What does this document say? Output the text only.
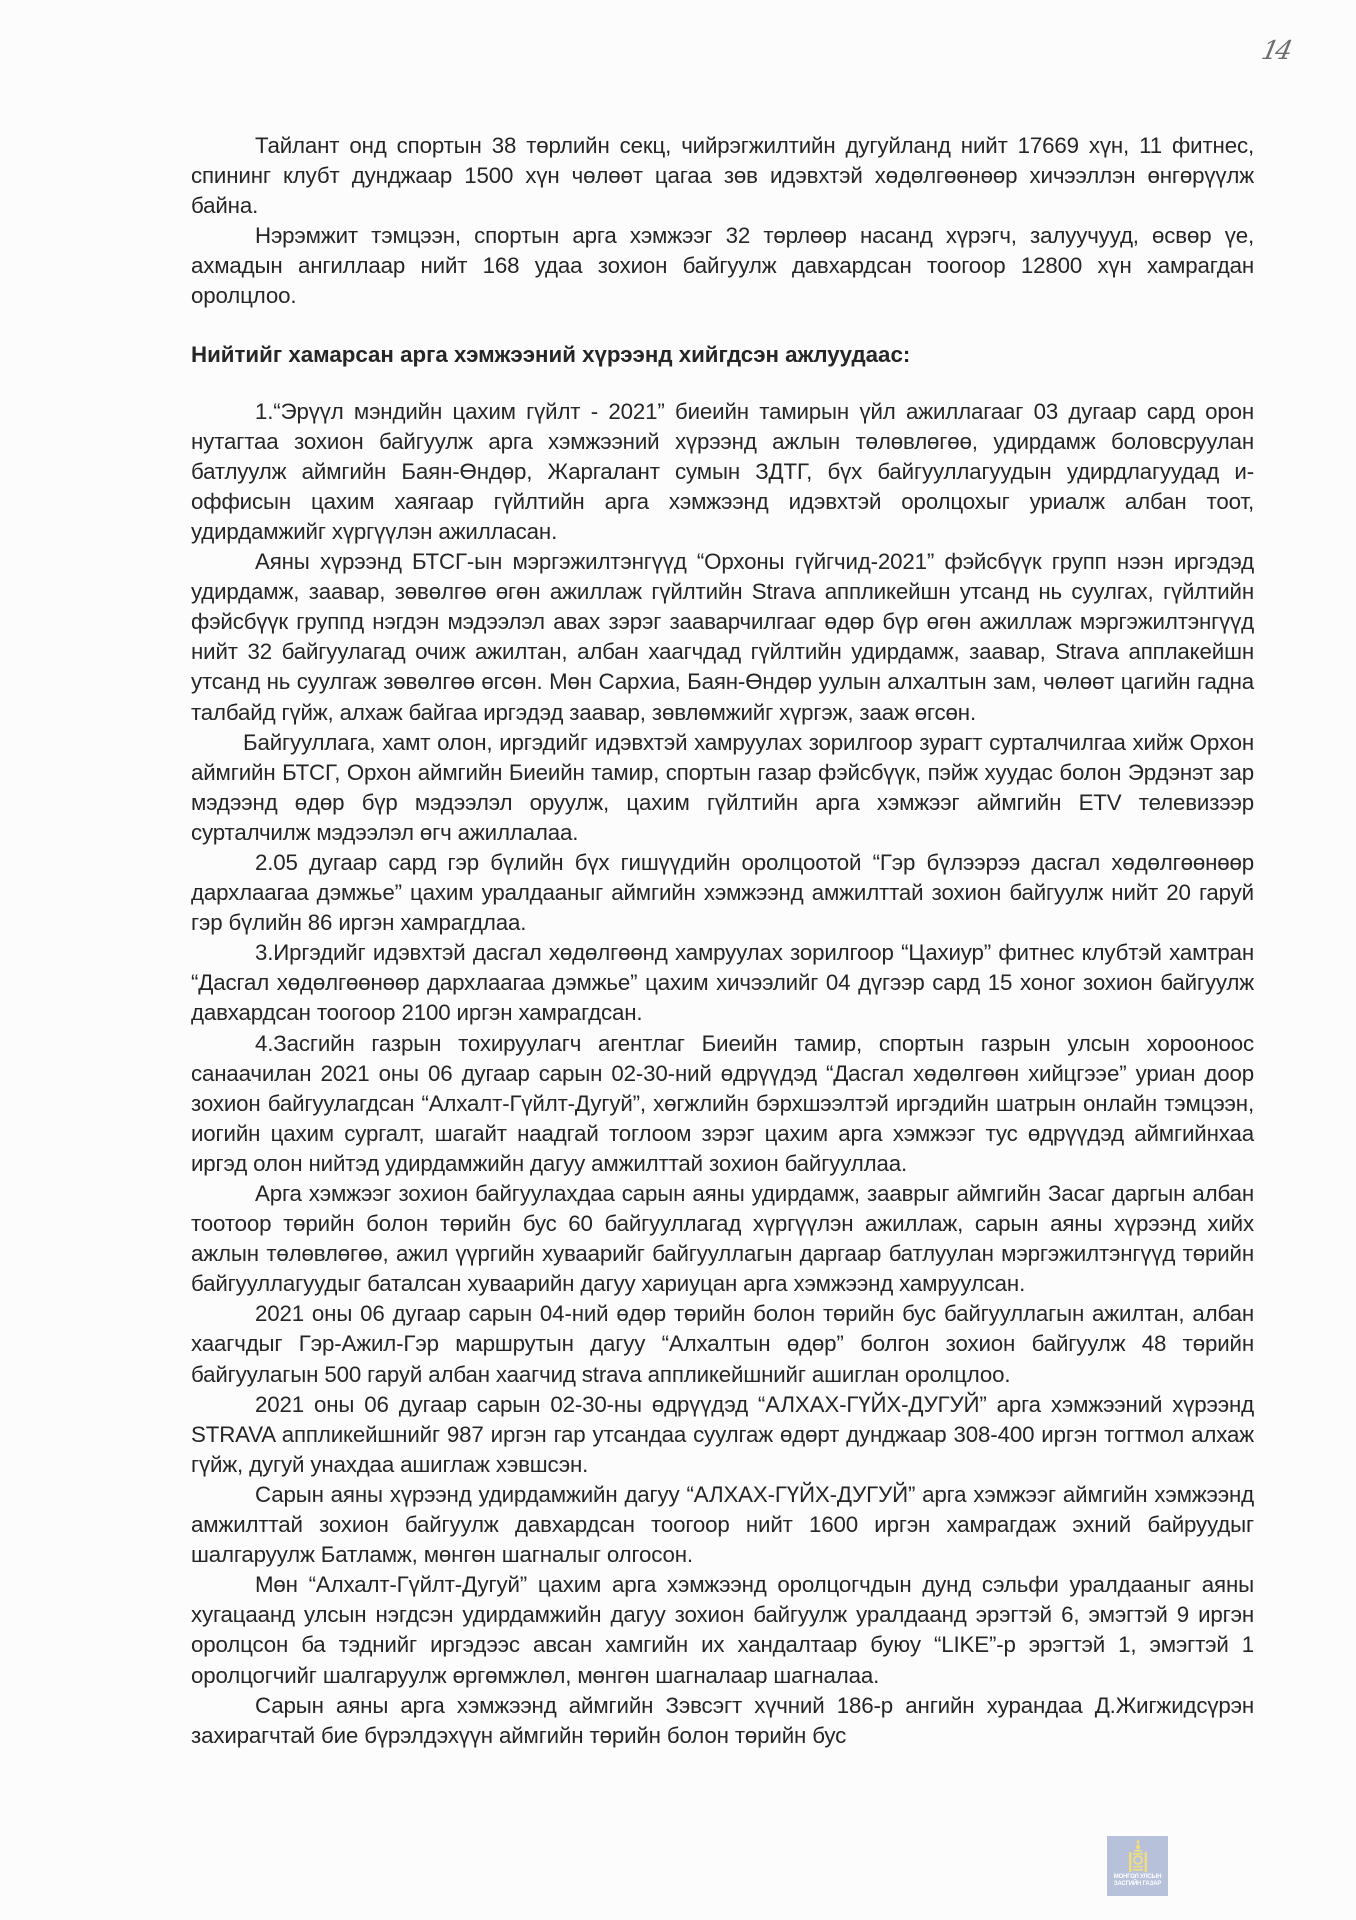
14

Тайлант онд спортын 38 төрлийн секц, чийрэгжилтийн дугуйланд нийт 17669 хүн, 11 фитнес, спининг клубт дунджаар 1500 хүн чөлөөт цагаа зөв идэвхтэй хөдөлгөөнөөр хичээллэн өнгөрүүлж байна.

Нэрэмжит тэмцээн, спортын арга хэмжээг 32 төрлөөр насанд хүрэгч, залуучууд, өсвөр үе, ахмадын ангиллаар нийт 168 удаа зохион байгуулж давхардсан тоогоор 12800 хүн хамрагдан оролцлоо.

Нийтийг хамарсан арга хэмжээний хүрээнд хийгдсэн ажлуудаас:

1.“Эрүүл мэндийн цахим гүйлт - 2021” биеийн тамирын үйл ажиллагааг 03 дугаар сард орон нутагтаа зохион байгуулж арга хэмжээний хүрээнд ажлын төлөвлөгөө, удирдамж боловсруулан батлуулж аймгийн Баян-Өндөр, Жаргалант сумын ЗДТГ, бүх байгууллагуудын удирдлагуудад и-оффисын цахим хаягаар гүйлтийн арга хэмжээнд идэвхтэй оролцохыг уриалж албан тоот, удирдамжийг хүргүүлэн ажилласан.

Аяны хүрээнд БТСГ-ын мэргэжилтэнгүүд “Орхоны гүйгчид-2021” фэйсбүүк групп нээн иргэдэд удирдамж, заавар, зөвөлгөө өгөн ажиллаж гүйлтийн Strava аппликейшн утсанд нь суулгах, гүйлтийн фэйсбүүк группд нэгдэн мэдээлэл авах зэрэг зааварчилгааг өдөр бүр өгөн ажиллаж мэргэжилтэнгүүд нийт 32 байгуулагад очиж ажилтан, албан хаагчдад гүйлтийн удирдамж, заавар, Strava апплакейшн утсанд нь суулгаж зөвөлгөө өгсөн. Мөн Сархиа, Баян-Өндөр уулын алхалтын зам, чөлөөт цагийн гадна талбайд гүйж, алхаж байгаа иргэдэд заавар, зөвлөмжийг хүргэж, зааж өгсөн.

Байгууллага, хамт олон, иргэдийг идэвхтэй хамруулах зорилгоор зурагт сурталчилгаа хийж Орхон аймгийн БТСГ, Орхон аймгийн Биеийн тамир, спортын газар фэйсбүүк, пэйж хуудас болон Эрдэнэт зар мэдээнд өдөр бүр мэдээлэл оруулж, цахим гүйлтийн арга хэмжээг аймгийн ETV телевизээр сурталчилж мэдээлэл өгч ажиллалаа.

2.05 дугаар сард гэр бүлийн бүх гишүүдийн оролцоотой “Гэр бүлээрээ дасгал хөдөлгөөнөөр дархлаагаа дэмжье” цахим уралдааныг аймгийн хэмжээнд амжилттай зохион байгуулж нийт 20 гаруй гэр бүлийн 86 иргэн хамрагдлаа.

3.Иргэдийг идэвхтэй дасгал хөдөлгөөнд хамруулах зорилгоор “Цахиур” фитнес клубтэй хамтран “Дасгал хөдөлгөөнөөр дархлаагаа дэмжье” цахим хичээлийг 04 дүгээр сард 15 хоног зохион байгуулж давхардсан тоогоор 2100 иргэн хамрагдсан.

4.Засгийн газрын тохируулагч агентлаг Биеийн тамир, спортын газрын улсын хорооноос санаачилан 2021 оны 06 дугаар сарын 02-30-ний өдрүүдэд “Дасгал хөдөлгөөн хийцгээе” уриан доор зохион байгуулагдсан “Алхалт-Гүйлт-Дугуй”, хөгжлийн бэрхшээлтэй иргэдийн шатрын онлайн тэмцээн, иогийн цахим сургалт, шагайт наадгай тоглоом зэрэг цахим арга хэмжээг тус өдрүүдэд аймгийнхаа иргэд олон нийтэд удирдамжийн дагуу амжилттай зохион байгууллаа.

Арга хэмжээг зохион байгуулахдаа сарын аяны удирдамж, зааврыг аймгийн Засаг даргын албан тоотоор төрийн болон төрийн бус 60 байгууллагад хүргүүлэн ажиллаж, сарын аяны хүрээнд хийх ажлын төлөвлөгөө, ажил үүргийн хуваарийг байгууллагын даргаар батлуулан мэргэжилтэнгүүд төрийн байгууллагуудыг баталсан хуваарийн дагуу хариуцан арга хэмжээнд хамруулсан.

2021 оны 06 дугаар сарын 04-ний өдөр төрийн болон төрийн бус байгууллагын ажилтан, албан хаагчдыг Гэр-Ажил-Гэр маршрутын дагуу “Алхалтын өдөр” болгон зохион байгуулж 48 төрийн байгуулагын 500 гаруй албан хаагчид strava аппликейшнийг ашиглан оролцлоо.

2021 оны 06 дугаар сарын 02-30-ны өдрүүдэд “АЛХАХ-ГҮЙХ-ДУГУЙ” арга хэмжээний хүрээнд STRAVA аппликейшнийг 987 иргэн гар утсандаа суулгаж өдөрт дунджаар 308-400 иргэн тогтмол алхаж гүйж, дугуй унахдаа ашиглаж хэвшсэн.

Сарын аяны хүрээнд удирдамжийн дагуу “АЛХАХ-ГҮЙХ-ДУГУЙ” арга хэмжээг аймгийн хэмжээнд амжилттай зохион байгуулж давхардсан тоогоор нийт 1600 иргэн хамрагдаж эхний байруудыг шалгаруулж Батламж, мөнгөн шагналыг олгосон.

Мөн “Алхалт-Гүйлт-Дугуй” цахим арга хэмжээнд оролцогчдын дунд сэльфи уралдааныг аяны хугацаанд улсын нэгдсэн удирдамжийн дагуу зохион байгуулж уралдаанд эрэгтэй 6, эмэгтэй 9 иргэн оролцсон ба тэднийг иргэдээс авсан хамгийн их хандалтаар буюу “LIKE”-р эрэгтэй 1, эмэгтэй 1 оролцогчийг шалгаруулж өргөмжлөл, мөнгөн шагналаар шагналаа.

Сарын аяны арга хэмжээнд аймгийн Зэвсэгт хүчний 186-р ангийн хурандаа Д.Жигжидсүрэн захирагчтай бие бүрэлдэхүүн аймгийн төрийн болон төрийн бус

МОНГОЛ УЛСЫН
ЗАСГИЙН ГАЗАР
